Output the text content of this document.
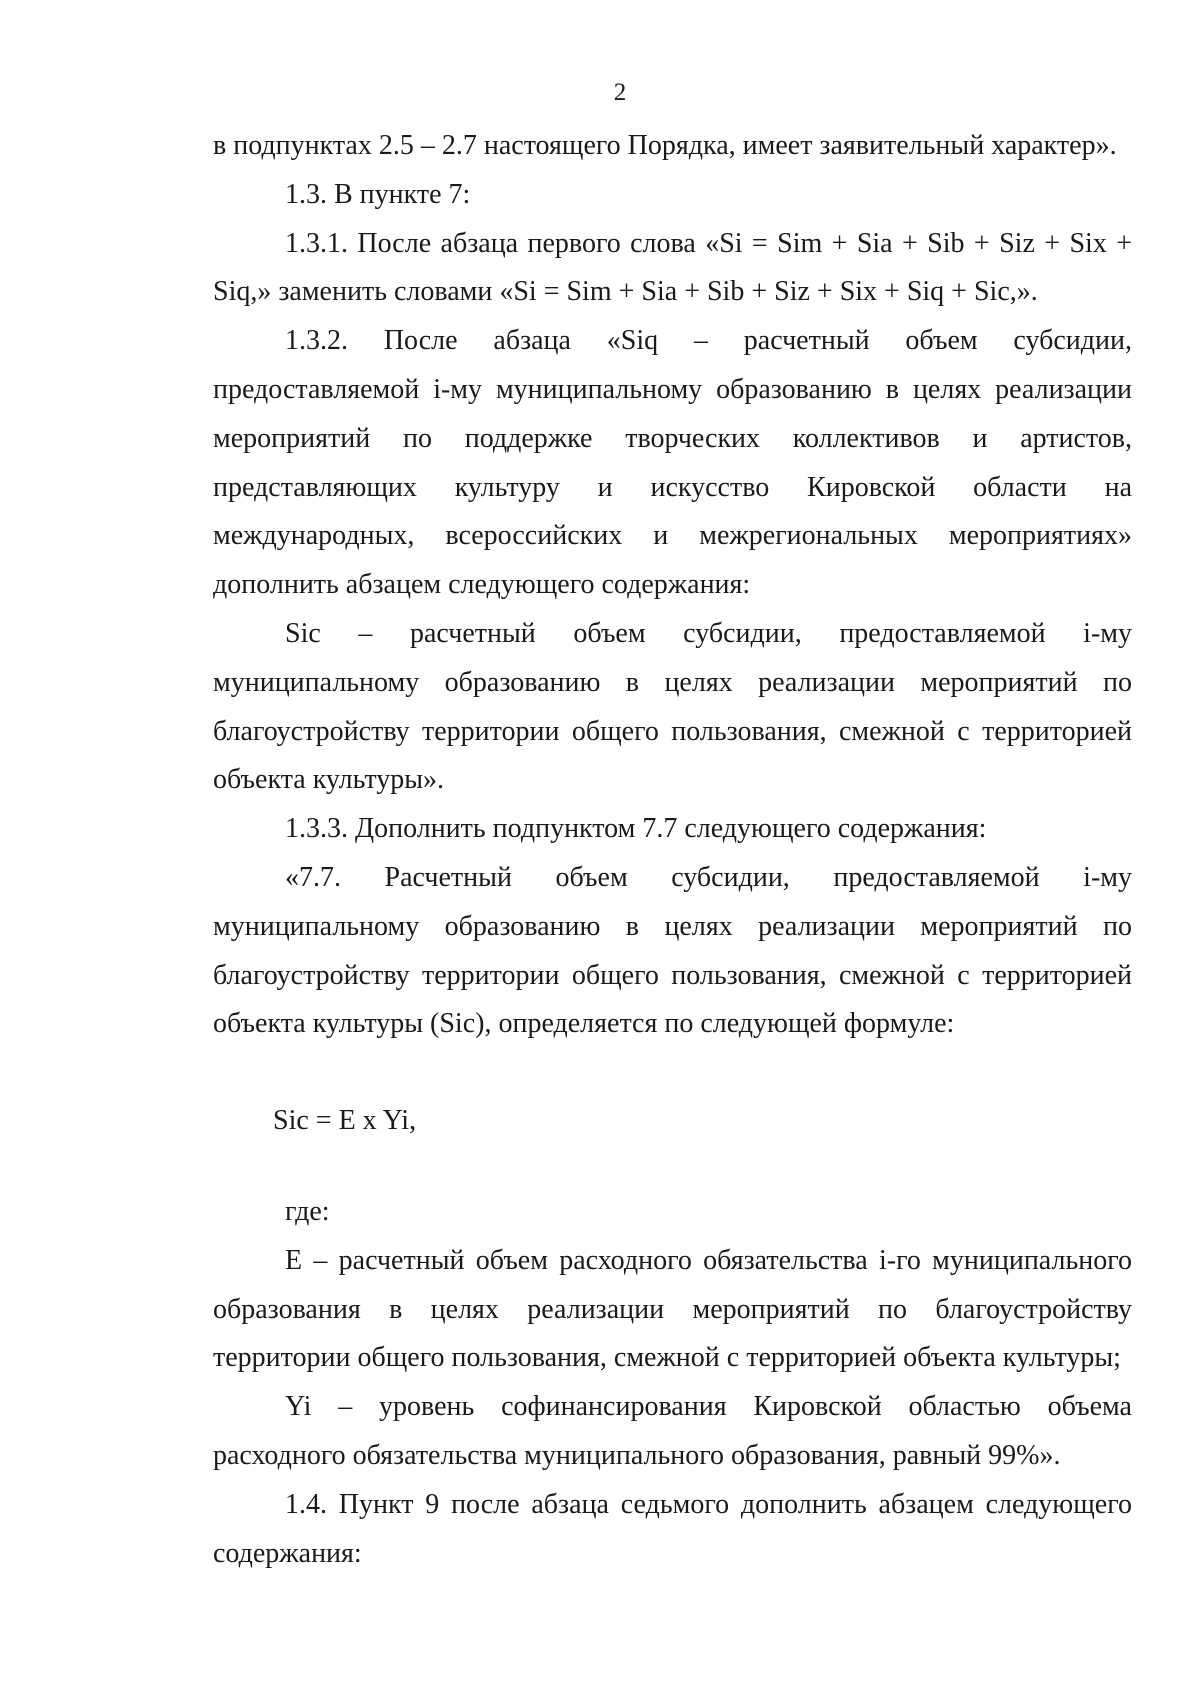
2

в подпунктах 2.5 – 2.7 настоящего Порядка, имеет заявительный характер».

1.3. В пункте 7:

1.3.1. После абзаца первого слова «Si = Sim + Sia + Sib + Siz + Six + Siq,» заменить словами «Si = Sim + Sia + Sib + Siz + Six + Siq + Sic,».

1.3.2. После абзаца «Siq – расчетный объем субсидии, предоставляемой i-му муниципальному образованию в целях реализации мероприятий по поддержке творческих коллективов и артистов, представляющих культуру и искусство Кировской области на международных, всероссийских и межрегиональных мероприятиях» дополнить абзацем следующего содержания:

Sic – расчетный объем субсидии, предоставляемой i-му муниципальному образованию в целях реализации мероприятий по благоустройству территории общего пользования, смежной с территорией объекта культуры».

1.3.3. Дополнить подпунктом 7.7 следующего содержания:

«7.7. Расчетный объем субсидии, предоставляемой i-му муниципальному образованию в целях реализации мероприятий по благоустройству территории общего пользования, смежной с территорией объекта культуры (Sic), определяется по следующей формуле:

Sic = E x Yi,

где:

E – расчетный объем расходного обязательства i-го муниципального образования в целях реализации мероприятий по благоустройству территории общего пользования, смежной с территорией объекта культуры;

Yi – уровень софинансирования Кировской областью объема расходного обязательства муниципального образования, равный 99%».

1.4. Пункт 9 после абзаца седьмого дополнить абзацем следующего содержания:
